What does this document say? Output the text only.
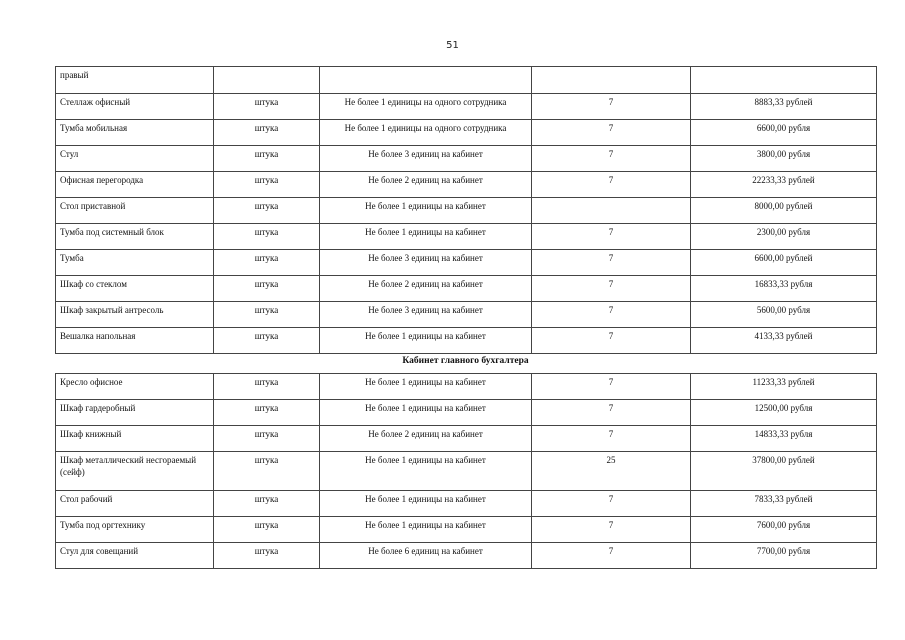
51
правый				
Стеллаж офисный	штука	Не более 1 единицы на одного сотрудника	7	8883,33 рублей
Тумба мобильная	штука	Не более 1 единицы на одного сотрудника	7	6600,00 рубля
Стул	штука	Не более 3 единиц на кабинет	7	3800,00 рубля
Офисная перегородка	штука	Не более 2 единиц на кабинет	7	22233,33 рублей
Стол приставной	штука	Не более 1 единицы на кабинет		8000,00 рублей
Тумба под системный блок	штука	Не более 1 единицы на кабинет	7	2300,00 рубля
Тумба	штука	Не более 3 единиц на кабинет	7	6600,00 рублей
Шкаф со стеклом	штука	Не более 2 единиц на кабинет	7	16833,33 рубля
Шкаф закрытый антресоль	штука	Не более 3 единиц на кабинет	7	5600,00 рубля
Вешалка напольная	штука	Не более 1 единицы на кабинет	7	4133,33 рублей
Кабинет главного бухгалтера
Кресло офисное	штука	Не более 1 единицы на кабинет	7	11233,33 рублей
Шкаф гардеробный	штука	Не более 1 единицы на кабинет	7	12500,00 рубля
Шкаф книжный	штука	Не более 2 единиц на кабинет	7	14833,33 рубля
Шкаф металлический несгораемый (сейф)	штука	Не более 1 единицы на кабинет	25	37800,00 рублей
Стол рабочий	штука	Не более 1 единицы на кабинет	7	7833,33 рублей
Тумба под оргтехнику	штука	Не более 1 единицы на кабинет	7	7600,00 рубля
Стул для совещаний	штука	Не более 6 единиц на кабинет	7	7700,00 рубля
